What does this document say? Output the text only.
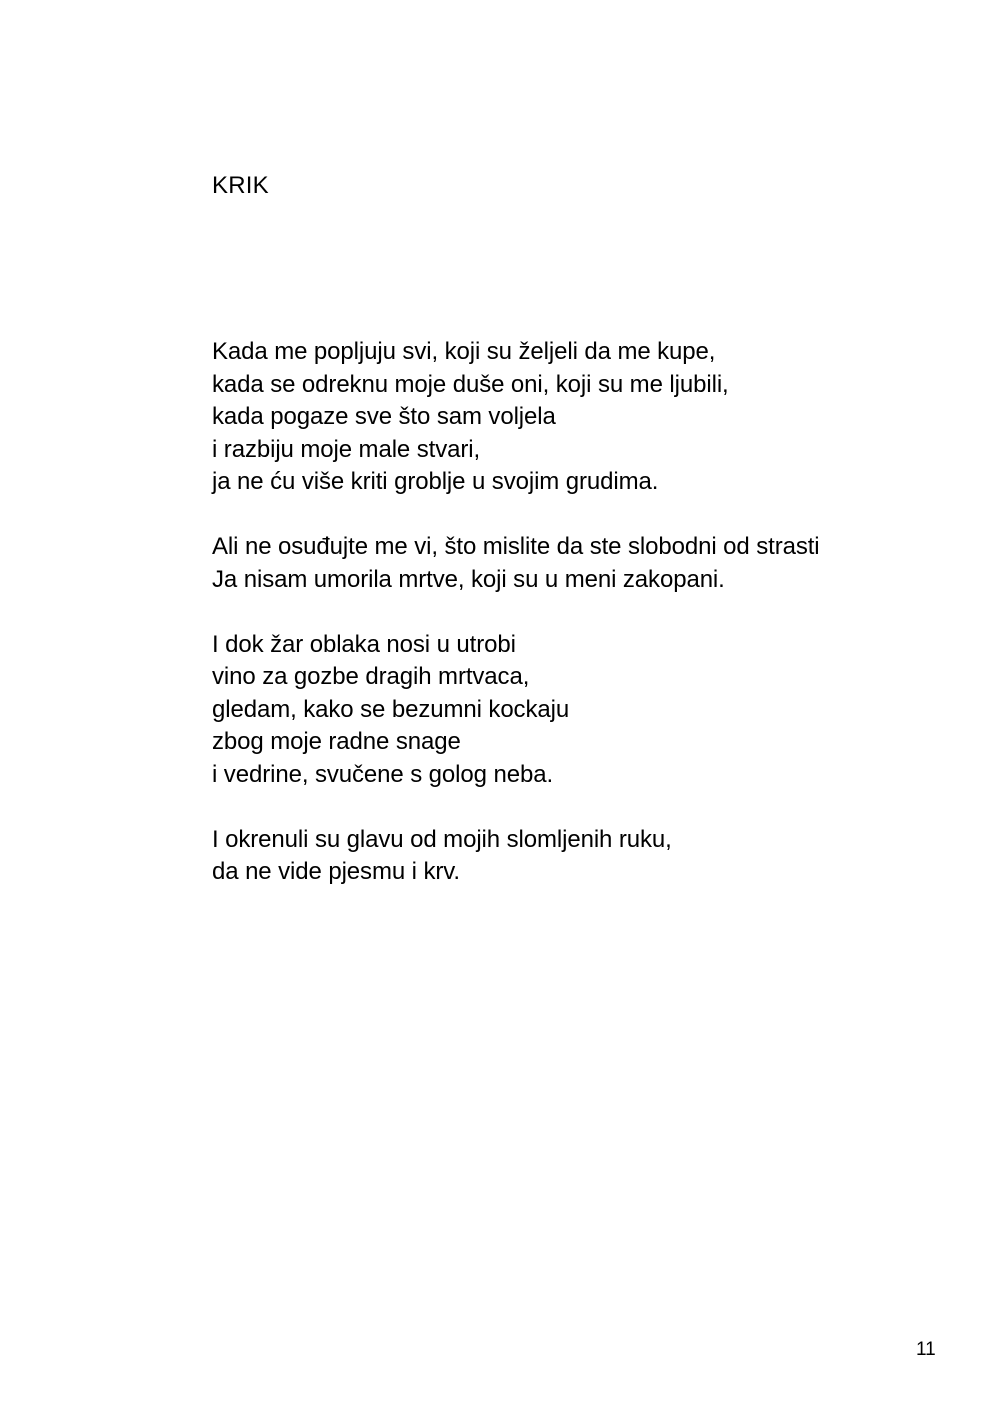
KRIK
Kada me popljuju svi, koji su željeli da me kupe,
kada se odreknu moje duše oni, koji su me ljubili,
kada pogaze sve što sam voljela
i razbiju moje male stvari,
ja ne ću više kriti groblje u svojim grudima.
Ali ne osuđujte me vi, što mislite da ste slobodni od strasti
Ja nisam umorila mrtve, koji su u meni zakopani.
I dok žar oblaka nosi u utrobi
vino za gozbe dragih mrtvaca,
gledam, kako se bezumni kockaju
zbog moje radne snage
i vedrine, svučene s golog neba.
I okrenuli su glavu od mojih slomljenih ruku,
da ne vide pjesmu i krv.
11
